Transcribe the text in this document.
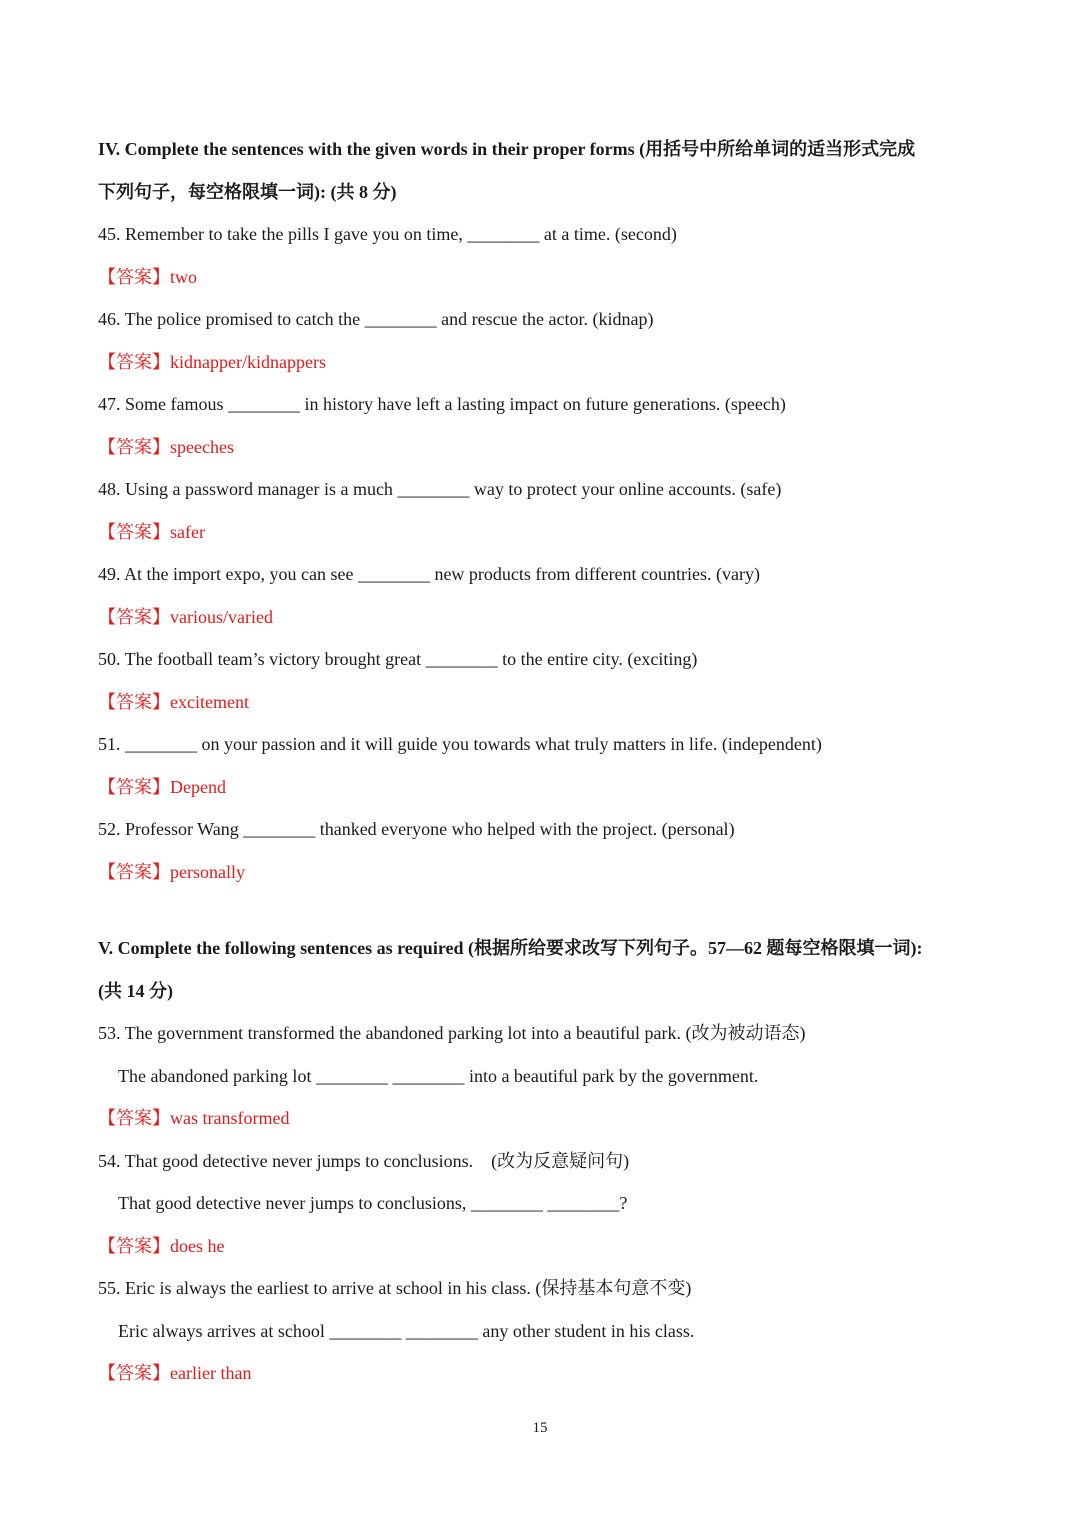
IV. Complete the sentences with the given words in their proper forms (用括号中所给单词的适当形式完成

下列句子，每空格限填一词): (共 8 分)

45. Remember to take the pills I gave you on time, ________ at a time. (second)

【答案】two

46. The police promised to catch the ________ and rescue the actor. (kidnap)

【答案】kidnapper/kidnappers

47. Some famous ________ in history have left a lasting impact on future generations. (speech)

【答案】speeches

48. Using a password manager is a much ________ way to protect your online accounts. (safe)

【答案】safer

49. At the import expo, you can see ________ new products from different countries. (vary)

【答案】various/varied

50. The football team’s victory brought great ________ to the entire city. (exciting)

【答案】excitement

51. ________ on your passion and it will guide you towards what truly matters in life. (independent)

【答案】Depend

52. Professor Wang ________ thanked everyone who helped with the project. (personal)

【答案】personally

V. Complete the following sentences as required (根据所给要求改写下列句子。57—62 题每空格限填一词):

(共 14 分)

53. The government transformed the abandoned parking lot into a beautiful park. (改为被动语态)

The abandoned parking lot ________ ________ into a beautiful park by the government.

【答案】was transformed

54. That good detective never jumps to conclusions.　(改为反意疑问句)

That good detective never jumps to conclusions, ________ ________?

【答案】does he

55. Eric is always the earliest to arrive at school in his class. (保持基本句意不变)

Eric always arrives at school ________ ________ any other student in his class.

【答案】earlier than

15
